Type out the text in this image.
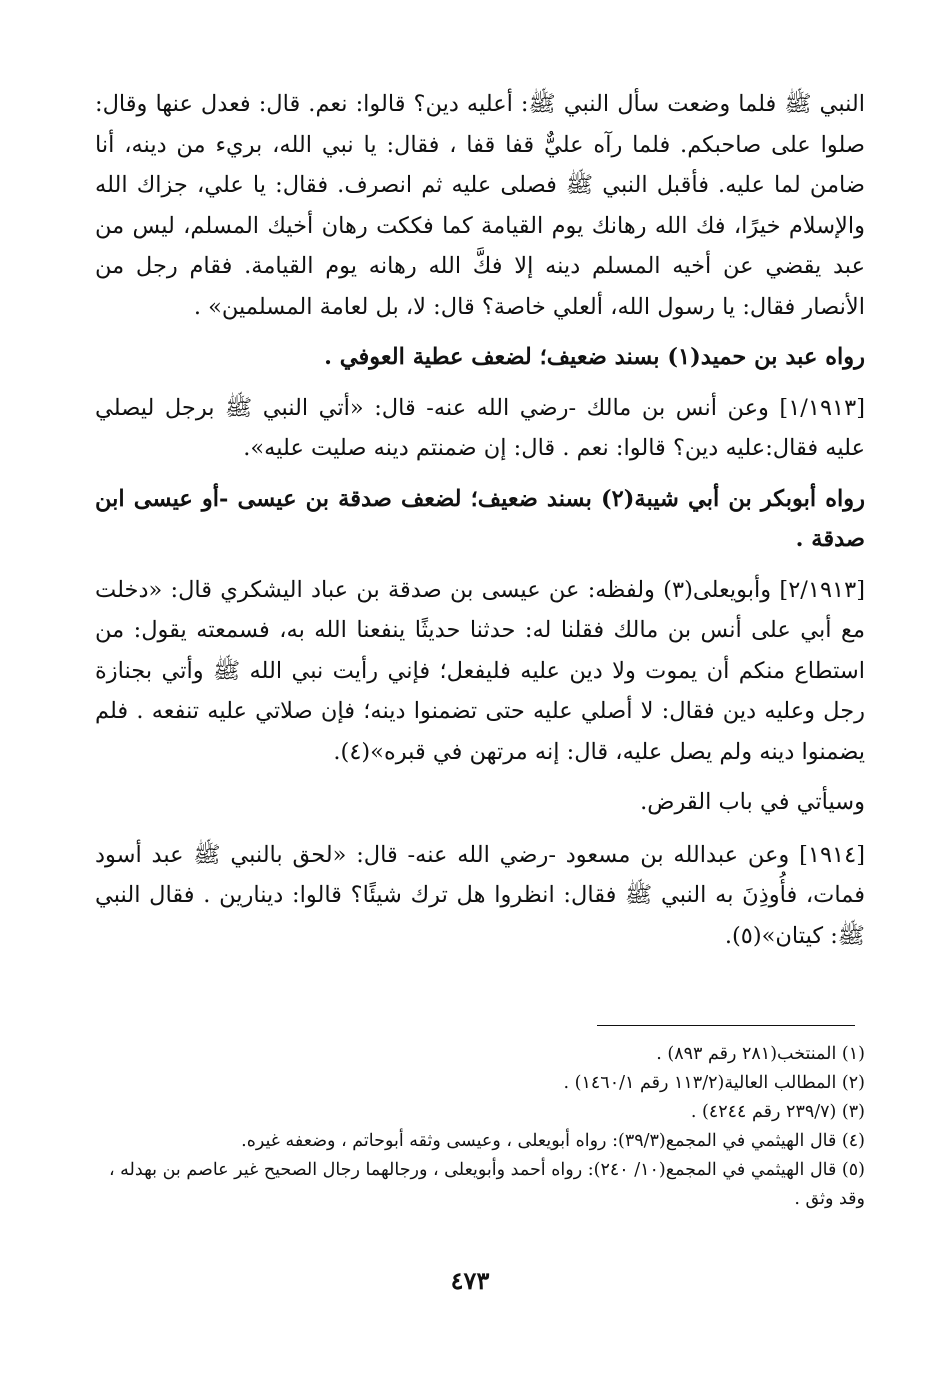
النبي ﷺ فلما وضعت سأل النبي ﷺ: أعليه دين؟ قالوا: نعم. قال: فعدل عنها وقال: صلوا على صاحبكم. فلما رآه عليٌّ قفا قفا ، فقال: يا نبي الله، بريء من دينه، أنا ضامن لما عليه. فأقبل النبي ﷺ فصلى عليه ثم انصرف. فقال: يا علي، جزاك الله والإسلام خيرًا، فك الله رهانك يوم القيامة كما فككت رهان أخيك المسلم، ليس من عبد يقضي عن أخيه المسلم دينه إلا فكَّ الله رهانه يوم القيامة. فقام رجل من الأنصار فقال: يا رسول الله، ألعلي خاصة؟ قال: لا، بل لعامة المسلمين» .

رواه عبد بن حميد(١) بسند ضعيف؛ لضعف عطية العوفي .

[١/١٩١٣] وعن أنس بن مالك -رضي الله عنه- قال: «أتي النبي ﷺ برجل ليصلي عليه فقال:عليه دين؟ قالوا: نعم . قال: إن ضمنتم دينه صليت عليه».

رواه أبوبكر بن أبي شيبة(٢) بسند ضعيف؛ لضعف صدقة بن عيسى -أو عيسى ابن صدقة .

[٢/١٩١٣] وأبويعلى(٣) ولفظه: عن عيسى بن صدقة بن عباد اليشكري قال: «دخلت مع أبي على أنس بن مالك فقلنا له: حدثنا حديثًا ينفعنا الله به، فسمعته يقول: من استطاع منكم أن يموت ولا دين عليه فليفعل؛ فإني رأيت نبي الله ﷺ وأتي بجنازة رجل وعليه دين فقال: لا أصلي عليه حتى تضمنوا دينه؛ فإن صلاتي عليه تنفعه . فلم يضمنوا دينه ولم يصل عليه، قال: إنه مرتهن في قبره»(٤).

وسيأتي في باب القرض.

[١٩١٤] وعن عبدالله بن مسعود -رضي الله عنه- قال: «لحق بالنبي ﷺ عبد أسود فمات، فأُوذِنَ به النبي ﷺ فقال: انظروا هل ترك شيئًا؟ قالوا: دينارين . فقال النبي ﷺ: كيتان»(٥).

(١) المنتخب(٢٨١ رقم ٨٩٣) .

(٢) المطالب العالية(١١٣/٢ رقم ١٤٦٠/١) .

(٣) (٢٣٩/٧ رقم ٤٢٤٤) .

(٤) قال الهيثمي في المجمع(٣٩/٣): رواه أبويعلى ، وعيسى وثقه أبوحاتم ، وضعفه غيره.

(٥) قال الهيثمي في المجمع(١٠/ ٢٤٠): رواه أحمد وأبويعلى ، ورجالهما رجال الصحيح غير عاصم بن بهدله ، وقد وثق .

٤٧٣
